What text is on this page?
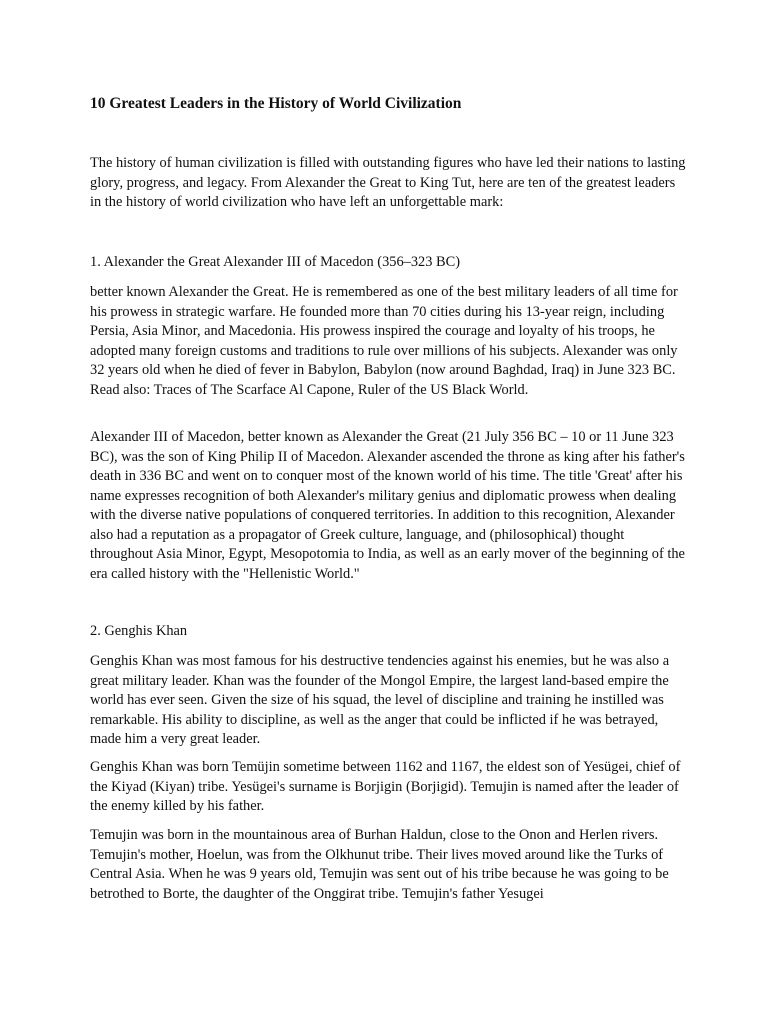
10 Greatest Leaders in the History of World Civilization

The history of human civilization is filled with outstanding figures who have led their nations to lasting glory, progress, and legacy. From Alexander the Great to King Tut, here are ten of the greatest leaders in the history of world civilization who have left an unforgettable mark:

1. Alexander the Great Alexander III of Macedon (356–323 BC)

better known Alexander the Great. He is remembered as one of the best military leaders of all time for his prowess in strategic warfare. He founded more than 70 cities during his 13-year reign, including Persia, Asia Minor, and Macedonia. His prowess inspired the courage and loyalty of his troops, he adopted many foreign customs and traditions to rule over millions of his subjects. Alexander was only 32 years old when he died of fever in Babylon, Babylon (now around Baghdad, Iraq) in June 323 BC. Read also: Traces of The Scarface Al Capone, Ruler of the US Black World.

Alexander III of Macedon, better known as Alexander the Great (21 July 356 BC – 10 or 11 June 323 BC), was the son of King Philip II of Macedon. Alexander ascended the throne as king after his father's death in 336 BC and went on to conquer most of the known world of his time. The title 'Great' after his name expresses recognition of both Alexander's military genius and diplomatic prowess when dealing with the diverse native populations of conquered territories. In addition to this recognition, Alexander also had a reputation as a propagator of Greek culture, language, and (philosophical) thought throughout Asia Minor, Egypt, Mesopotomia to India, as well as an early mover of the beginning of the era called history with the "Hellenistic World."

2. Genghis Khan

Genghis Khan was most famous for his destructive tendencies against his enemies, but he was also a great military leader. Khan was the founder of the Mongol Empire, the largest land-based empire the world has ever seen. Given the size of his squad, the level of discipline and training he instilled was remarkable. His ability to discipline, as well as the anger that could be inflicted if he was betrayed, made him a very great leader.

Genghis Khan was born Temüjin sometime between 1162 and 1167, the eldest son of Yesügei, chief of the Kiyad (Kiyan) tribe. Yesügei's surname is Borjigin (Borjigid). Temujin is named after the leader of the enemy killed by his father.

Temujin was born in the mountainous area of Burhan Haldun, close to the Onon and Herlen rivers. Temujin's mother, Hoelun, was from the Olkhunut tribe. Their lives moved around like the Turks of Central Asia. When he was 9 years old, Temujin was sent out of his tribe because he was going to be betrothed to Borte, the daughter of the Onggirat tribe. Temujin's father Yesugei
